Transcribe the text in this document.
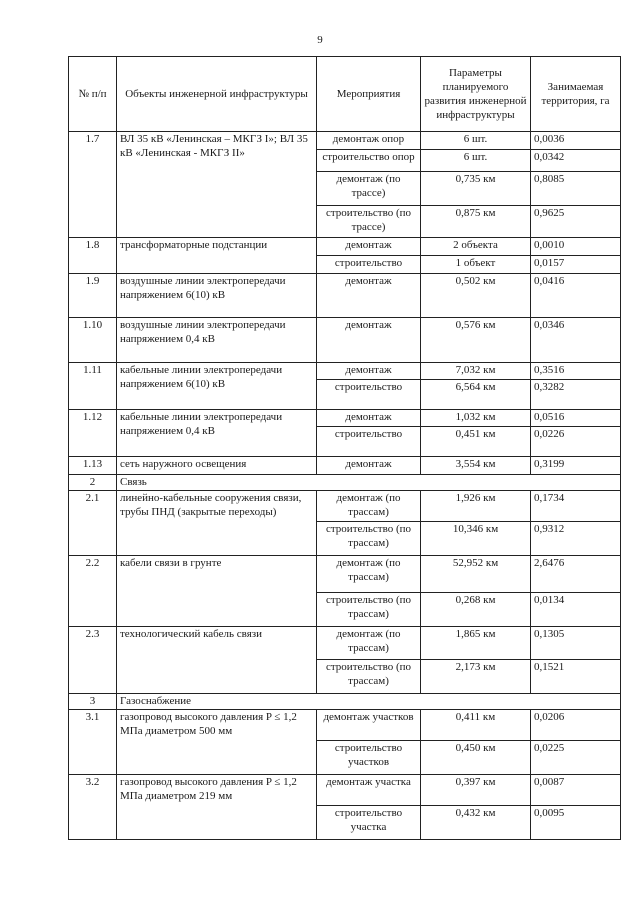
9
№ п/п	Объекты инженерной инфраструктуры	Мероприятия	Параметры планируемого развития инженерной инфраструктуры	Занимаемая территория, га
1.7	ВЛ 35 кВ «Ленинская – МКГЗ I»; ВЛ 35 кВ «Ленинская - МКГЗ II»	демонтаж опор	6 шт.	0,0036
		строительство опор	6 шт.	0,0342
		демонтаж (по трассе)	0,735 км	0,8085
		строительство (по трассе)	0,875 км	0,9625
1.8	трансформаторные подстанции	демонтаж	2 объекта	0,0010
		строительство	1 объект	0,0157
1.9	воздушные линии электропередачи напряжением 6(10) кВ	демонтаж	0,502 км	0,0416
1.10	воздушные линии электропередачи напряжением 0,4 кВ	демонтаж	0,576 км	0,0346
1.11	кабельные линии электропередачи напряжением 6(10) кВ	демонтаж	7,032 км	0,3516
		строительство	6,564 км	0,3282
1.12	кабельные линии электропередачи напряжением 0,4 кВ	демонтаж	1,032 км	0,0516
		строительство	0,451 км	0,0226
1.13	сеть наружного освещения	демонтаж	3,554 км	0,3199
2	Связь			
2.1	линейно-кабельные сооружения связи, трубы ПНД (закрытые переходы)	демонтаж (по трассам)	1,926 км	0,1734
		строительство (по трассам)	10,346 км	0,9312
2.2	кабели связи в грунте	демонтаж (по трассам)	52,952 км	2,6476
		строительство (по трассам)	0,268 км	0,0134
2.3	технологический кабель связи	демонтаж (по трассам)	1,865 км	0,1305
		строительство (по трассам)	2,173 км	0,1521
3	Газоснабжение			
3.1	газопровод высокого давления P ≤ 1,2 МПа диаметром 500 мм	демонтаж участков	0,411 км	0,0206
		строительство участков	0,450 км	0,0225
3.2	газопровод высокого давления P ≤ 1,2 МПа диаметром 219 мм	демонтаж участка	0,397 км	0,0087
		строительство участка	0,432 км	0,0095
